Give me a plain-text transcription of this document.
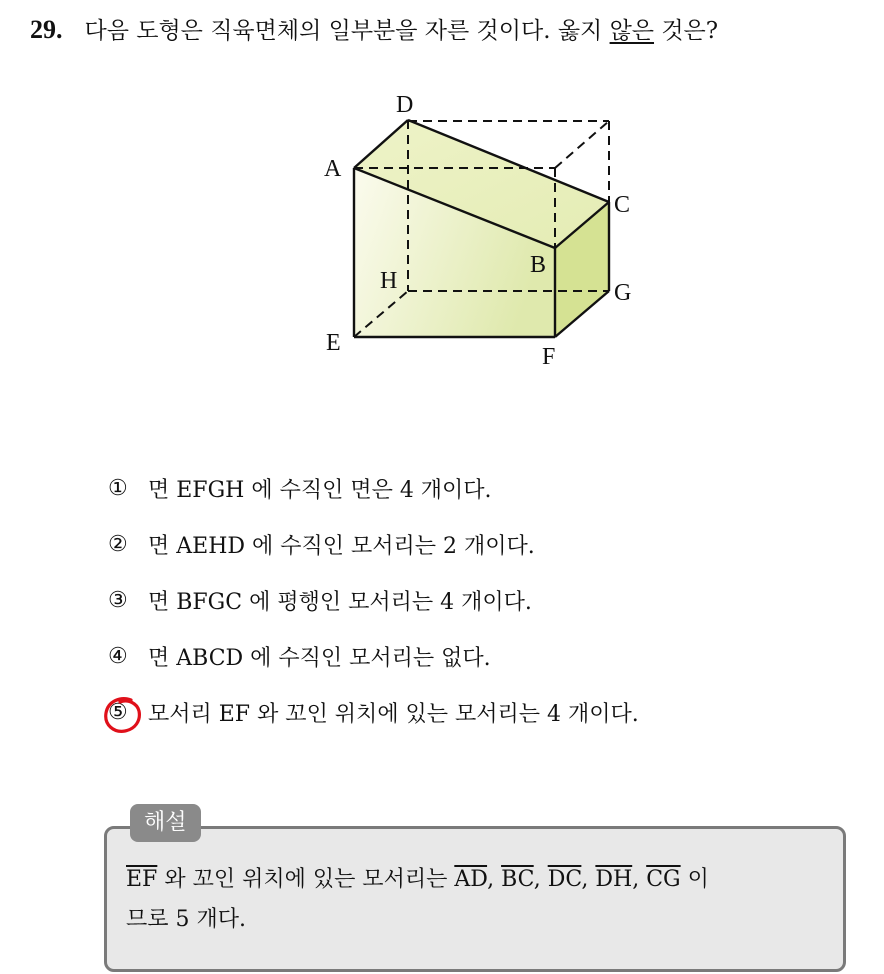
29. 다음 도형은 직육면체의 일부분을 자른 것이다. 옳지 않은 것은?
D
A
C
B
H	G
E
F
① 면 EFGH 에 수직인 면은 4 개이다.
② 면 AEHD 에 수직인 모서리는 2 개이다.
③ 면 BFGC 에 평행인 모서리는 4 개이다.
④ 면 ABCD 에 수직인 모서리는 없다.
⑤ 모서리 EF 와 꼬인 위치에 있는 모서리는 4 개이다.
해설
$\overline{EF}$ 와 꼬인 위치에 있는 모서리는 $\overline{AD}$, $\overline{BC}$, $\overline{DC}$, $\overline{DH}$, $\overline{CG}$ 이
므로 5 개다.
